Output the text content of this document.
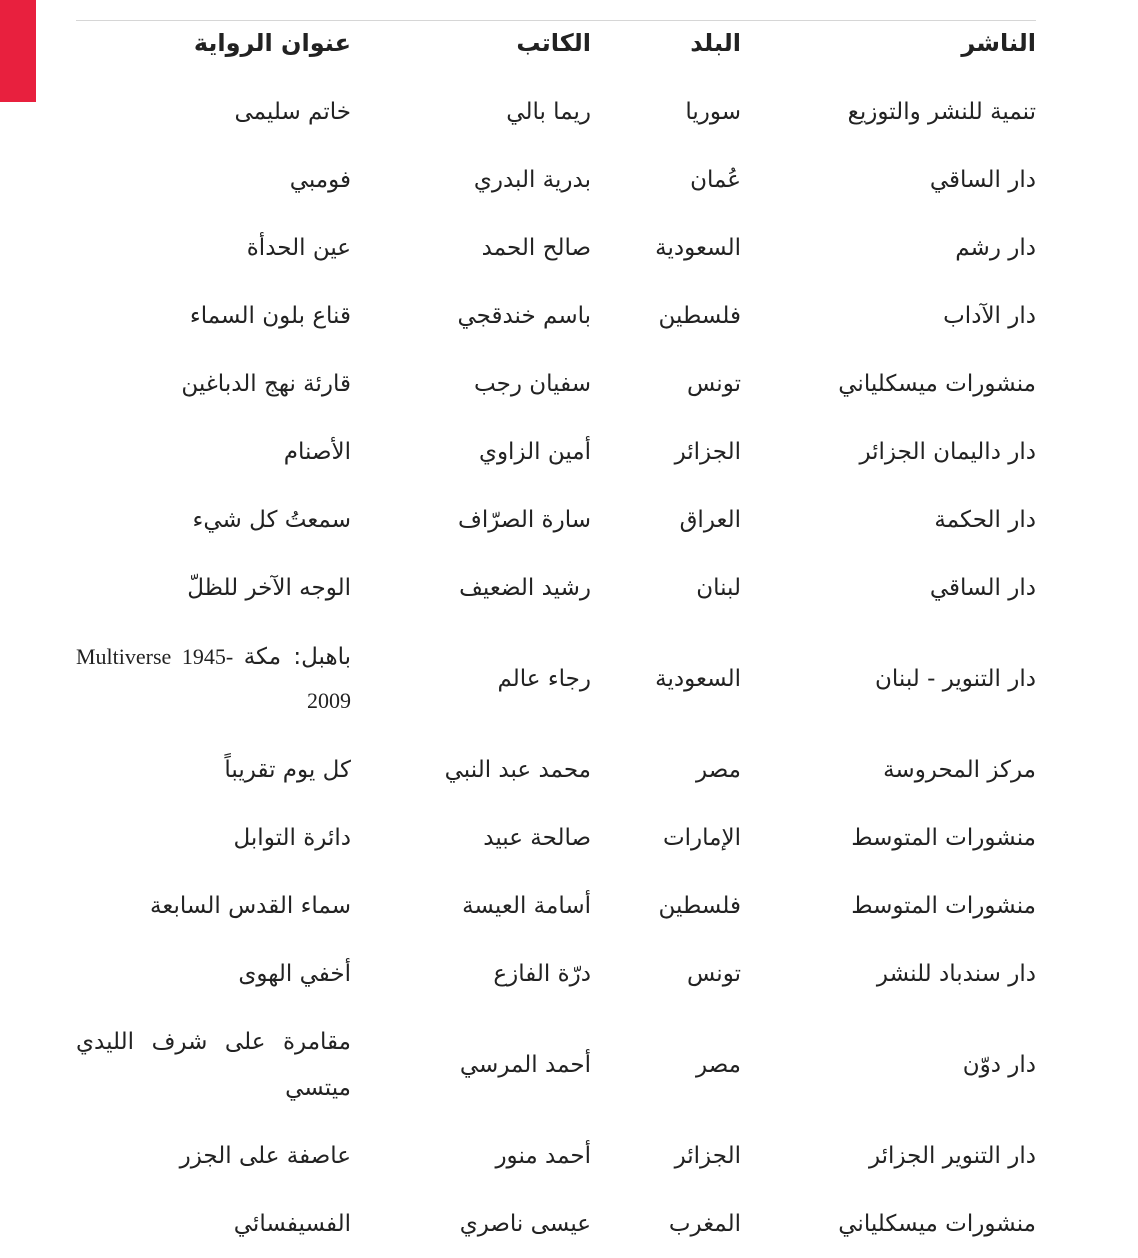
الناشر
البلد
الكاتب
عنوان الرواية
تنمية للنشر والتوزيع
سوريا
ريما بالي
خاتم سليمى
دار الساقي
عُمان
بدرية البدري
فومبي
دار رشم
السعودية
صالح الحمد
عين الحدأة
دار الآداب
فلسطين
باسم خندقجي
قناع بلون السماء
منشورات ميسكلياني
تونس
سفيان رجب
قارئة نهج الدباغين
دار داليمان الجزائر
الجزائر
أمين الزاوي
الأصنام
دار الحكمة
العراق
سارة الصرّاف
سمعتُ كل شيء
دار الساقي
لبنان
رشيد الضعيف
الوجه الآخر للظلّ
دار التنوير - لبنان
السعودية
رجاء عالم
باهبل: مكة Multiverse 1945-2009
مركز المحروسة
مصر
محمد عبد النبي
كل يوم تقريباً
منشورات المتوسط
الإمارات
صالحة عبيد
دائرة التوابل
منشورات المتوسط
فلسطين
أسامة العيسة
سماء القدس السابعة
دار سندباد للنشر
تونس
درّة الفازع
أخفي الهوى
دار دوّن
مصر
أحمد المرسي
مقامرة على شرف الليدي ميتسي
دار التنوير الجزائر
الجزائر
أحمد منور
عاصفة على الجزر
منشورات ميسكلياني
المغرب
عيسى ناصري
الفسيفسائي
